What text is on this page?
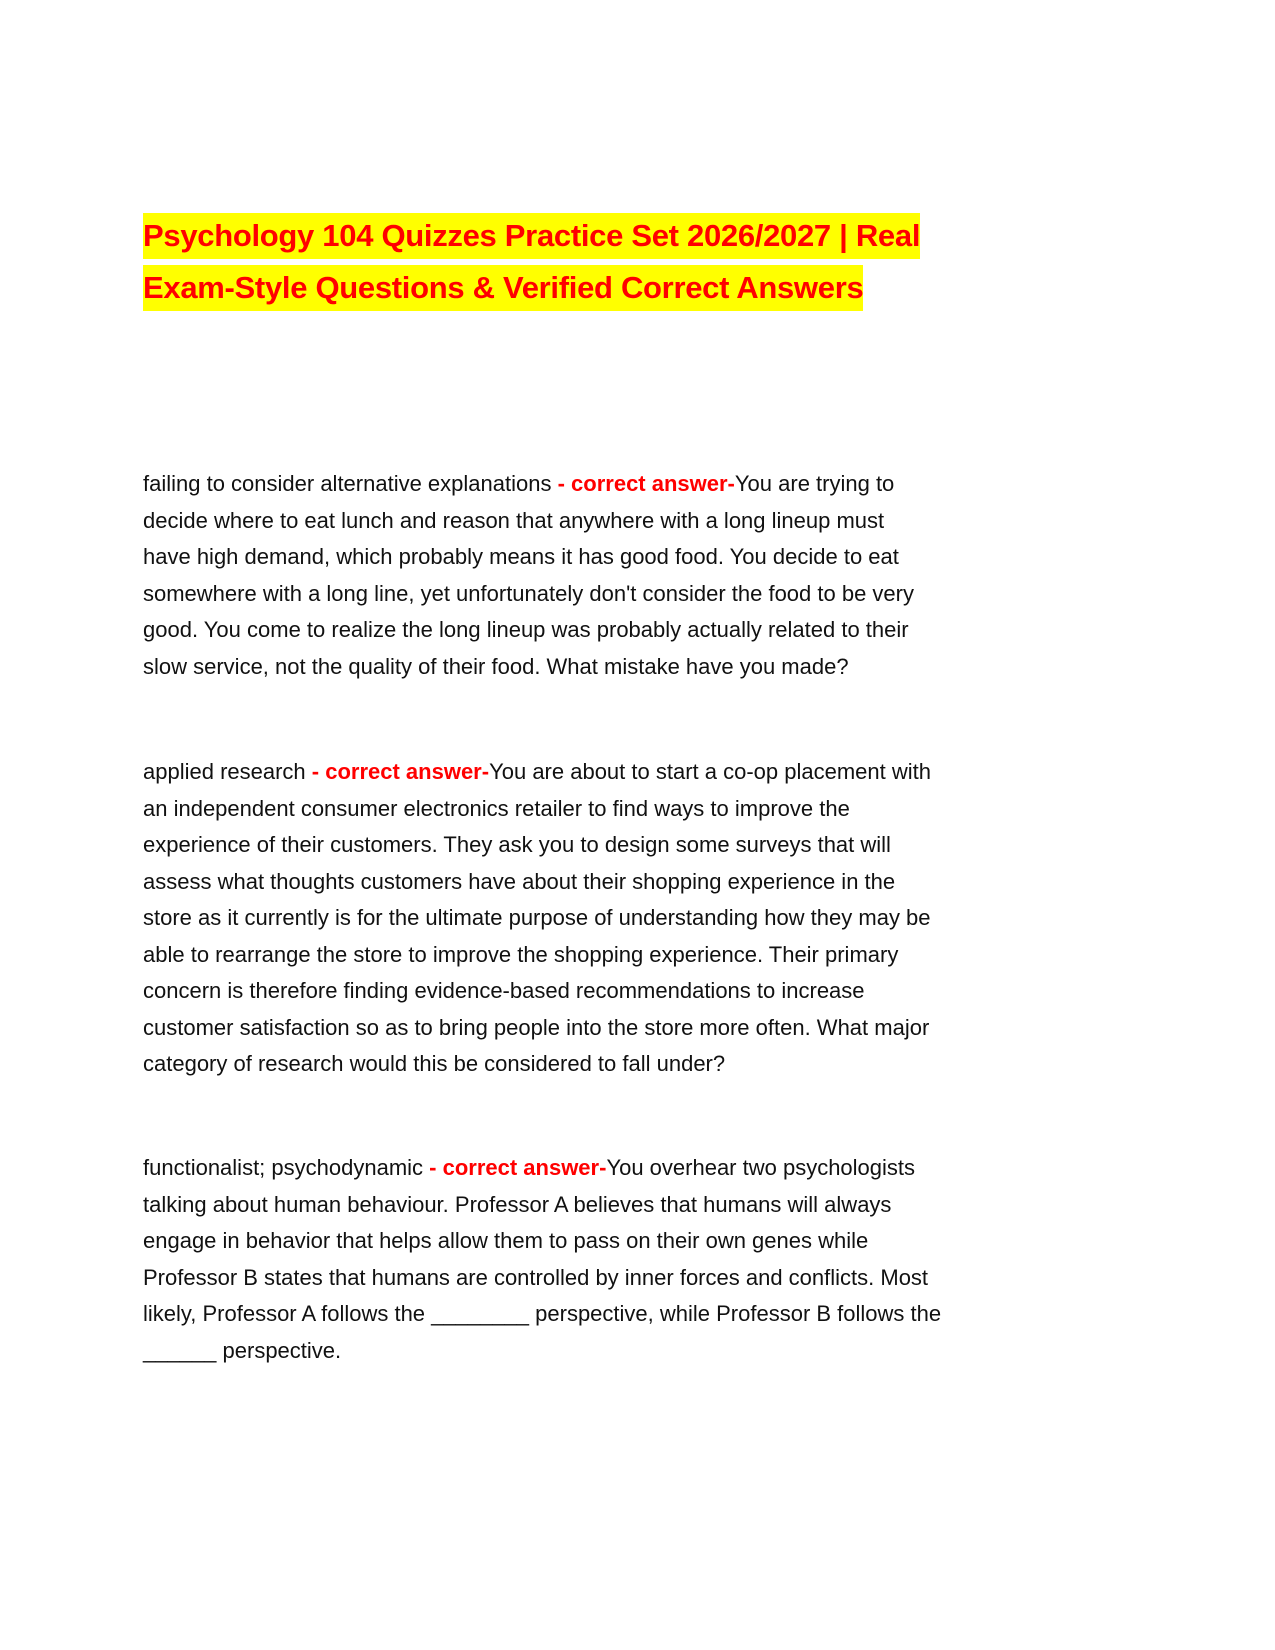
Psychology 104 Quizzes Practice Set 2026/2027 | Real
Exam-Style Questions & Verified Correct Answers
failing to consider alternative explanations - correct answer-You are trying to
decide where to eat lunch and reason that anywhere with a long lineup must
have high demand, which probably means it has good food. You decide to eat
somewhere with a long line, yet unfortunately don't consider the food to be very
good. You come to realize the long lineup was probably actually related to their
slow service, not the quality of their food. What mistake have you made?
applied research - correct answer-You are about to start a co-op placement with
an independent consumer electronics retailer to find ways to improve the
experience of their customers. They ask you to design some surveys that will
assess what thoughts customers have about their shopping experience in the
store as it currently is for the ultimate purpose of understanding how they may be
able to rearrange the store to improve the shopping experience. Their primary
concern is therefore finding evidence-based recommendations to increase
customer satisfaction so as to bring people into the store more often. What major
category of research would this be considered to fall under?
functionalist; psychodynamic - correct answer-You overhear two psychologists
talking about human behaviour. Professor A believes that humans will always
engage in behavior that helps allow them to pass on their own genes while
Professor B states that humans are controlled by inner forces and conflicts. Most
likely, Professor A follows the ________ perspective, while Professor B follows the
______ perspective.
